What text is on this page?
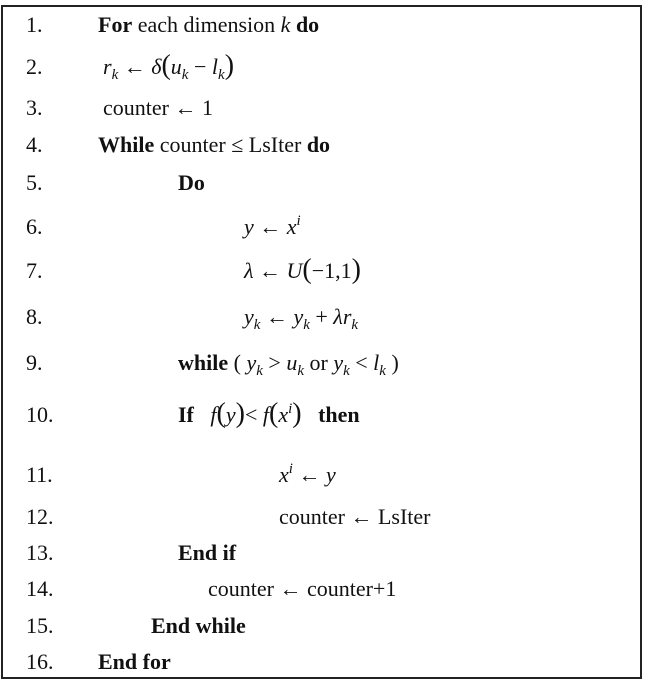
1.	For each dimension k do
2.	$r_k$ ← $\delta(u_k - l_k)$
3.	counter ← 1
4.	While counter ≤ LsIter do
5.	Do
6.	y ← $x^i$
7.	λ ← U(−1,1)
8.	$y_k$ ← $y_k + \lambda r_k$
9.	while ( $y_k > u_k$ or $y_k < l_k$ )
10.	If $f(y)< f(x^i)$ then
11.	$x^i$ ← y
12.	counter ← LsIter
13.	End if
14.	counter ← counter+1
15.	End while
16. End for
